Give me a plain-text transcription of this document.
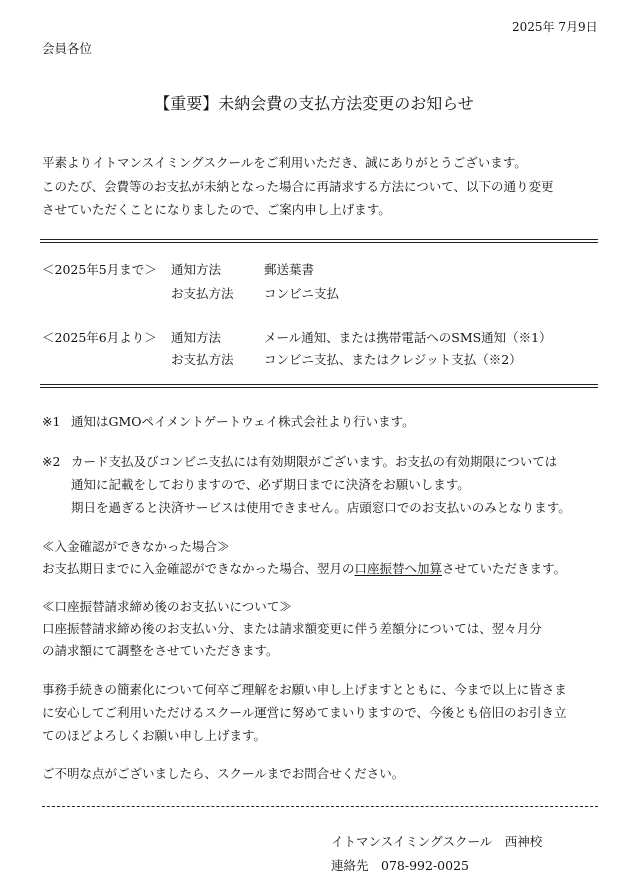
2025年 7月9日
会員各位
【重要】未納会費の支払方法変更のお知らせ
平素よりイトマンスイミングスクールをご利用いただき、誠にありがとうございます。
このたび、会費等のお支払が未納となった場合に再請求する方法について、以下の通り変更
させていただくことになりましたので、ご案内申し上げます。
＜2025年5月まで＞ 通知方法	郵送葉書
お支払方法 コンビニ支払
＜2025年6月より＞ 通知方法	メール通知、または携帯電話へのSMS通知（※1）
お支払方法 コンビニ支払、またはクレジット支払（※2）
※1 通知はGMOペイメントゲートウェイ株式会社より行います。
※2 カード支払及びコンビニ支払には有効期限がございます。お支払の有効期限については
通知に記載をしておりますので、必ず期日までに決済をお願いします。
期日を過ぎると決済サービスは使用できません。店頭窓口でのお支払いのみとなります。
≪入金確認ができなかった場合≫
お支払期日までに入金確認ができなかった場合、翌月の口座振替へ加算させていただきます。
≪口座振替請求締め後のお支払いについて≫
口座振替請求締め後のお支払い分、または請求額変更に伴う差額分については、翌々月分
の請求額にて調整をさせていただきます。
事務手続きの簡素化について何卒ご理解をお願い申し上げますとともに、今まで以上に皆さま
に安心してご利用いただけるスクール運営に努めてまいりますので、今後とも倍旧のお引き立
てのほどよろしくお願い申し上げます。
ご不明な点がございましたら、スクールまでお問合せください。
イトマンスイミングスクール　西神校
連絡先　078-992-0025
